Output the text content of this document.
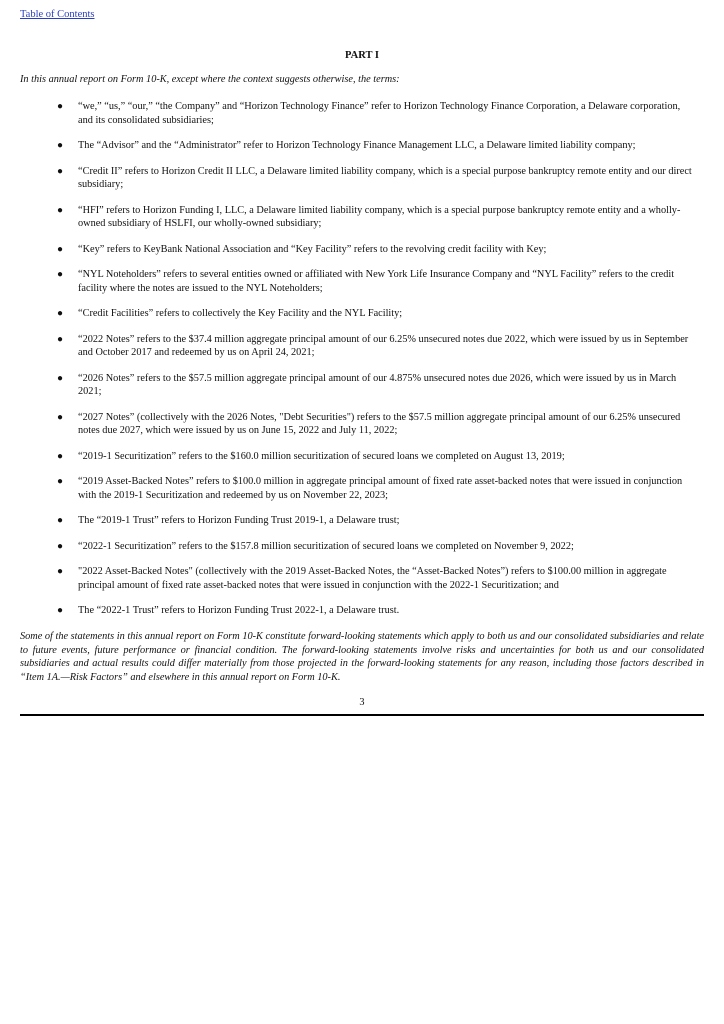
Table of Contents
PART I
In this annual report on Form 10-K, except where the context suggests otherwise, the terms:
● “we,” “us,” “our,” “the Company” and “Horizon Technology Finance” refer to Horizon Technology Finance Corporation, a Delaware corporation, and its consolidated subsidiaries;
● The “Advisor” and the “Administrator” refer to Horizon Technology Finance Management LLC, a Delaware limited liability company;
● “Credit II” refers to Horizon Credit II LLC, a Delaware limited liability company, which is a special purpose bankruptcy remote entity and our direct subsidiary;
● “HFI” refers to Horizon Funding I, LLC, a Delaware limited liability company, which is a special purpose bankruptcy remote entity and a wholly-owned subsidiary of HSLFI, our wholly-owned subsidiary;
● “Key” refers to KeyBank National Association and “Key Facility” refers to the revolving credit facility with Key;
● “NYL Noteholders” refers to several entities owned or affiliated with New York Life Insurance Company and “NYL Facility” refers to the credit facility where the notes are issued to the NYL Noteholders;
● “Credit Facilities” refers to collectively the Key Facility and the NYL Facility;
● “2022 Notes” refers to the $37.4 million aggregate principal amount of our 6.25% unsecured notes due 2022, which were issued by us in September and October 2017 and redeemed by us on April 24, 2021;
● “2026 Notes” refers to the $57.5 million aggregate principal amount of our 4.875% unsecured notes due 2026, which were issued by us in March 2021;
● “2027 Notes” (collectively with the 2026 Notes, "Debt Securities") refers to the $57.5 million aggregate principal amount of our 6.25% unsecured notes due 2027, which were issued by us on June 15, 2022 and July 11, 2022;
● “2019-1 Securitization” refers to the $160.0 million securitization of secured loans we completed on August 13, 2019;
● “2019 Asset-Backed Notes” refers to $100.0 million in aggregate principal amount of fixed rate asset-backed notes that were issued in conjunction with the 2019-1 Securitization and redeemed by us on November 22, 2023;
● The “2019-1 Trust” refers to Horizon Funding Trust 2019-1, a Delaware trust;
● “2022-1 Securitization” refers to the $157.8 million securitization of secured loans we completed on November 9, 2022;
● "2022 Asset-Backed Notes" (collectively with the 2019 Asset-Backed Notes, the “Asset-Backed Notes”) refers to $100.00 million in aggregate principal amount of fixed rate asset-backed notes that were issued in conjunction with the 2022-1 Securitization; and
● The “2022-1 Trust” refers to Horizon Funding Trust 2022-1, a Delaware trust.
Some of the statements in this annual report on Form 10-K constitute forward-looking statements which apply to both us and our consolidated subsidiaries and relate to future events, future performance or financial condition. The forward-looking statements involve risks and uncertainties for both us and our consolidated subsidiaries and actual results could differ materially from those projected in the forward-looking statements for any reason, including those factors described in “Item 1A.—Risk Factors” and elsewhere in this annual report on Form 10-K.
3
